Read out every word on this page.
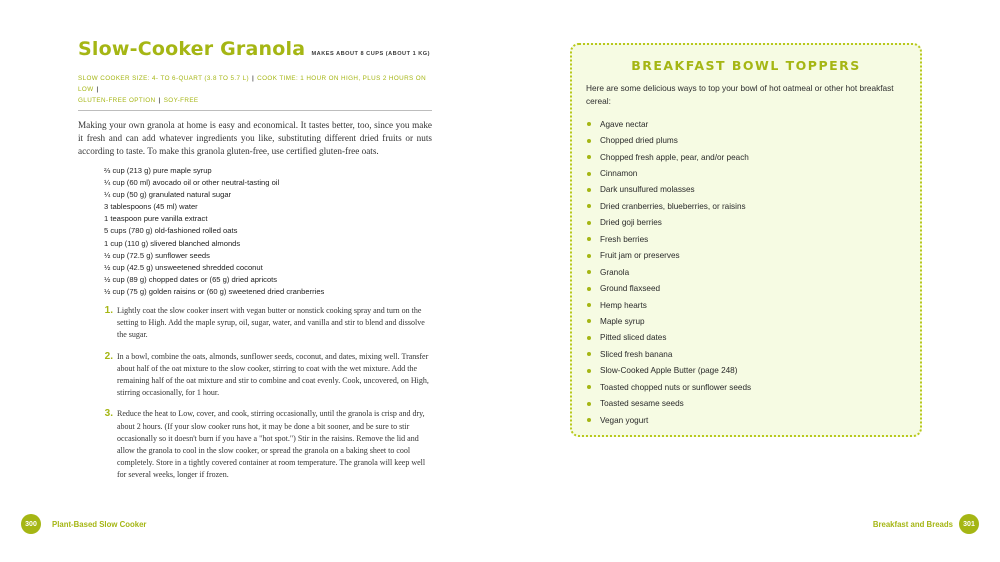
Slow-Cooker Granola MAKES ABOUT 8 CUPS (ABOUT 1 KG)
SLOW COOKER SIZE: 4- TO 6-QUART (3.8 TO 5.7 L) | COOK TIME: 1 HOUR ON HIGH, PLUS 2 HOURS ON LOW |
GLUTEN-FREE OPTION | SOY-FREE

Making your own granola at home is easy and economical. It tastes better, too, since you make it fresh and can add whatever ingredients you like, substituting different dried fruits or nuts according to taste. To make this granola gluten-free, use certified gluten-free oats.

⅔ cup (213 g) pure maple syrup
¼ cup (60 ml) avocado oil or other neutral-tasting oil
¼ cup (50 g) granulated natural sugar
3 tablespoons (45 ml) water
1 teaspoon pure vanilla extract
5 cups (780 g) old-fashioned rolled oats
1 cup (110 g) slivered blanched almonds
½ cup (72.5 g) sunflower seeds
½ cup (42.5 g) unsweetened shredded coconut
½ cup (89 g) chopped dates or (65 g) dried apricots
½ cup (75 g) golden raisins or (60 g) sweetened dried cranberries
1. Lightly coat the slow cooker insert with vegan butter or nonstick cooking spray and turn on the setting to High. Add the maple syrup, oil, sugar, water, and vanilla and stir to blend and dissolve the sugar.
2. In a bowl, combine the oats, almonds, sunflower seeds, coconut, and dates, mixing well. Transfer about half of the oat mixture to the slow cooker, stirring to coat with the wet mixture. Add the remaining half of the oat mixture and stir to combine and coat evenly. Cook, uncovered, on High, stirring occasionally, for 1 hour.
3. Reduce the heat to Low, cover, and cook, stirring occasionally, until the granola is crisp and dry, about 2 hours. (If your slow cooker runs hot, it may be done a bit sooner, and be sure to stir occasionally so it doesn't burn if you have a "hot spot.") Stir in the raisins. Remove the lid and allow the granola to cool in the slow cooker, or spread the granola on a baking sheet to cool completely. Store in a tightly covered container at room temperature. The granola will keep well for several weeks, longer if frozen.
BREAKFAST BOWL TOPPERS

Here are some delicious ways to top your bowl of hot oatmeal or other hot breakfast cereal:

Agave nectar
Chopped dried plums
Chopped fresh apple, pear, and/or peach
Cinnamon
Dark unsulfured molasses
Dried cranberries, blueberries, or raisins
Dried goji berries
Fresh berries
Fruit jam or preserves
Granola
Ground flaxseed
Hemp hearts
Maple syrup
Pitted sliced dates
Sliced fresh banana
Slow-Cooked Apple Butter (page 248)
Toasted chopped nuts or sunflower seeds
Toasted sesame seeds
Vegan yogurt
300	Plant-Based Slow Cooker	Breakfast and Breads	301
